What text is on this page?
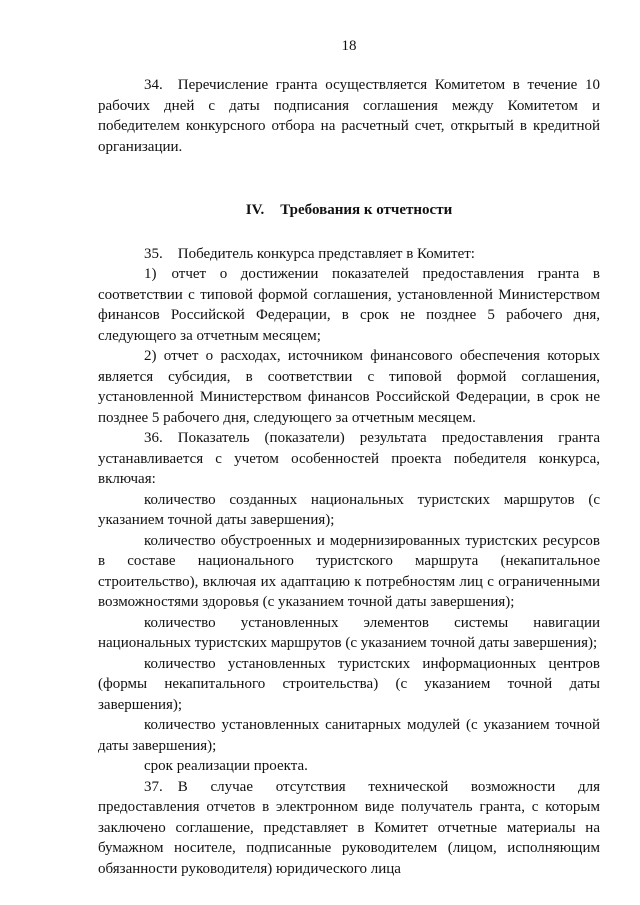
18

34. Перечисление гранта осуществляется Комитетом в течение 10 рабочих дней с даты подписания соглашения между Комитетом и победителем конкурсного отбора на расчетный счет, открытый в кредитной организации.

IV. Требования к отчетности

35. Победитель конкурса представляет в Комитет:

1) отчет о достижении показателей предоставления гранта в соответствии с типовой формой соглашения, установленной Министерством финансов Российской Федерации, в срок не позднее 5 рабочего дня, следующего за отчетным месяцем;

2) отчет о расходах, источником финансового обеспечения которых является субсидия, в соответствии с типовой формой соглашения, установленной Министерством финансов Российской Федерации, в срок не позднее 5 рабочего дня, следующего за отчетным месяцем.

36. Показатель (показатели) результата предоставления гранта устанавливается с учетом особенностей проекта победителя конкурса, включая:

количество созданных национальных туристских маршрутов (с указанием точной даты завершения);

количество обустроенных и модернизированных туристских ресурсов в составе национального туристского маршрута (некапитальное строительство), включая их адаптацию к потребностям лиц с ограниченными возможностями здоровья (с указанием точной даты завершения);

количество установленных элементов системы навигации национальных туристских маршрутов (с указанием точной даты завершения);

количество установленных туристских информационных центров (формы некапитального строительства) (с указанием точной даты завершения);

количество установленных санитарных модулей (с указанием точной даты завершения);

срок реализации проекта.

37. В случае отсутствия технической возможности для предоставления отчетов в электронном виде получатель гранта, с которым заключено соглашение, представляет в Комитет отчетные материалы на бумажном носителе, подписанные руководителем (лицом, исполняющим обязанности руководителя) юридического лица
